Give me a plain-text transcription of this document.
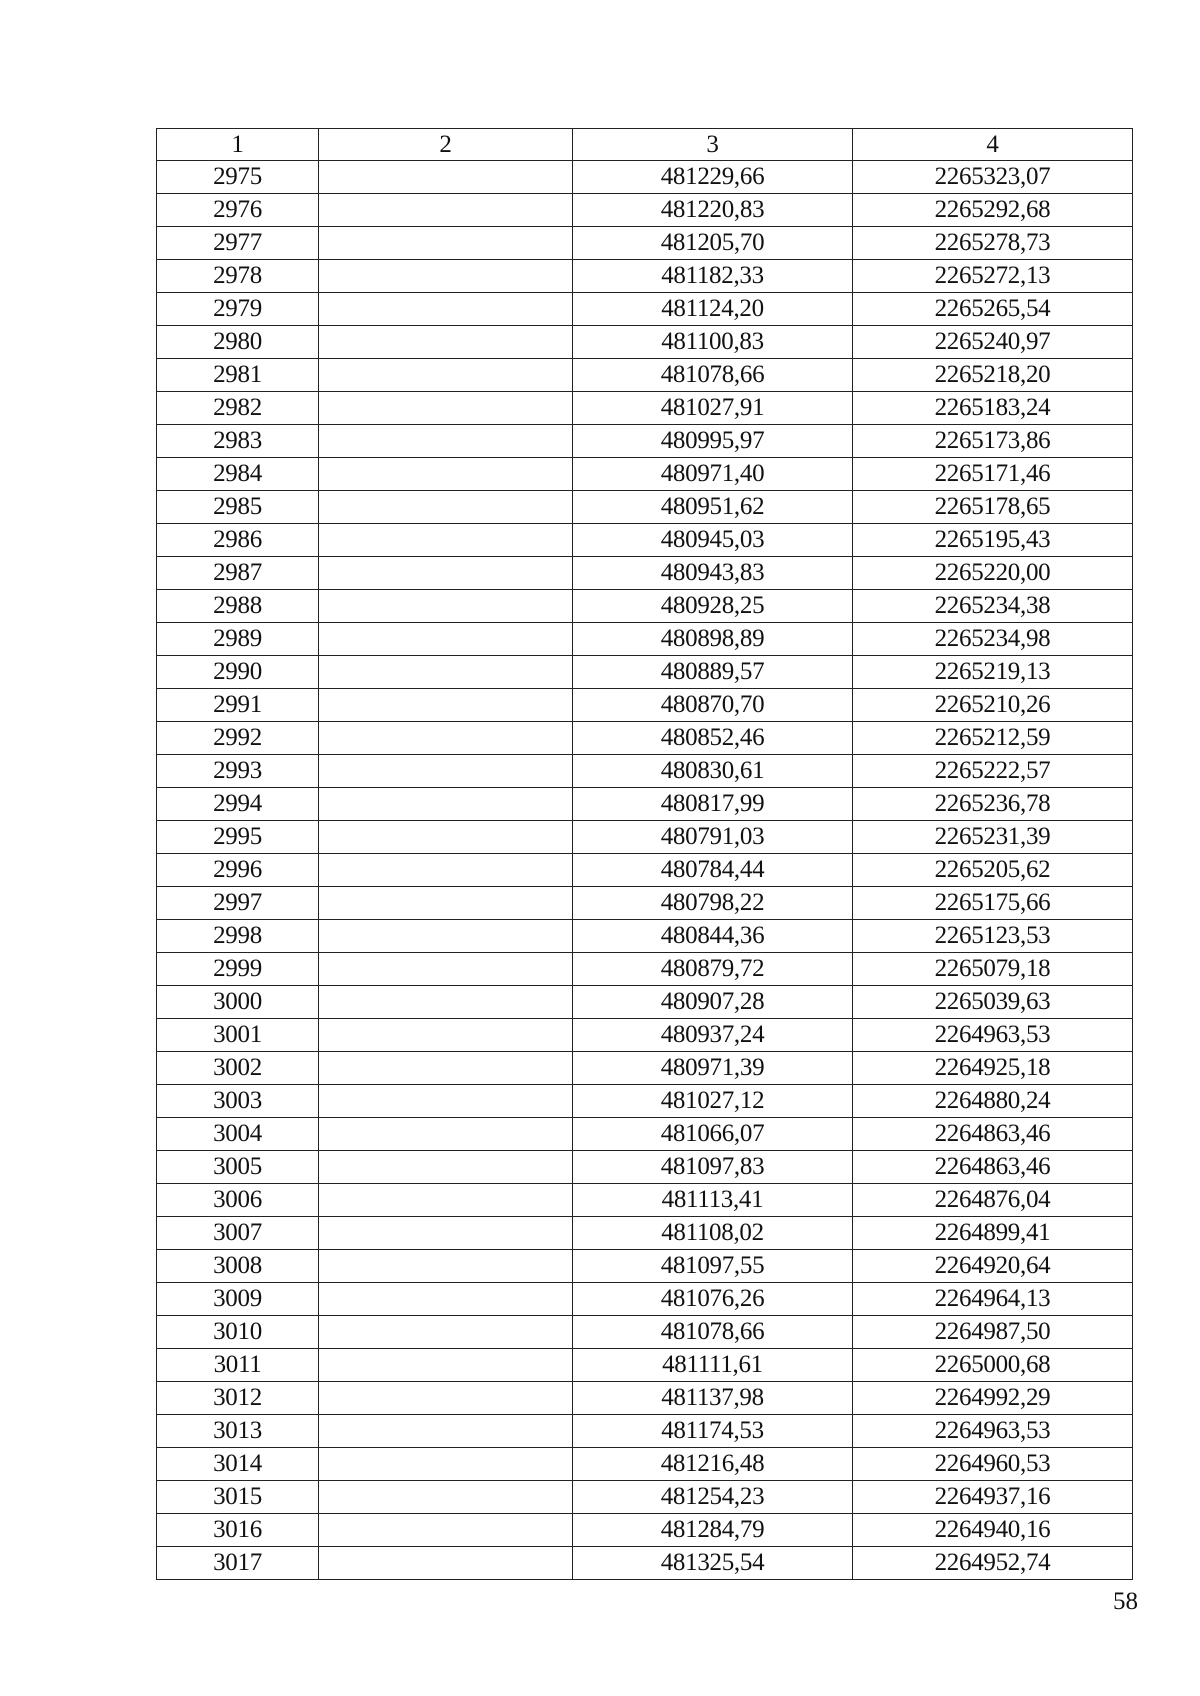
1	2	3	4
2975		481229,66	2265323,07
2976		481220,83	2265292,68
2977		481205,70	2265278,73
2978		481182,33	2265272,13
2979		481124,20	2265265,54
2980		481100,83	2265240,97
2981		481078,66	2265218,20
2982		481027,91	2265183,24
2983		480995,97	2265173,86
2984		480971,40	2265171,46
2985		480951,62	2265178,65
2986		480945,03	2265195,43
2987		480943,83	2265220,00
2988		480928,25	2265234,38
2989		480898,89	2265234,98
2990		480889,57	2265219,13
2991		480870,70	2265210,26
2992		480852,46	2265212,59
2993		480830,61	2265222,57
2994		480817,99	2265236,78
2995		480791,03	2265231,39
2996		480784,44	2265205,62
2997		480798,22	2265175,66
2998		480844,36	2265123,53
2999		480879,72	2265079,18
3000		480907,28	2265039,63
3001		480937,24	2264963,53
3002		480971,39	2264925,18
3003		481027,12	2264880,24
3004		481066,07	2264863,46
3005		481097,83	2264863,46
3006		481113,41	2264876,04
3007		481108,02	2264899,41
3008		481097,55	2264920,64
3009		481076,26	2264964,13
3010		481078,66	2264987,50
3011		481111,61	2265000,68
3012		481137,98	2264992,29
3013		481174,53	2264963,53
3014		481216,48	2264960,53
3015		481254,23	2264937,16
3016		481284,79	2264940,16
3017		481325,54	2264952,74
58
